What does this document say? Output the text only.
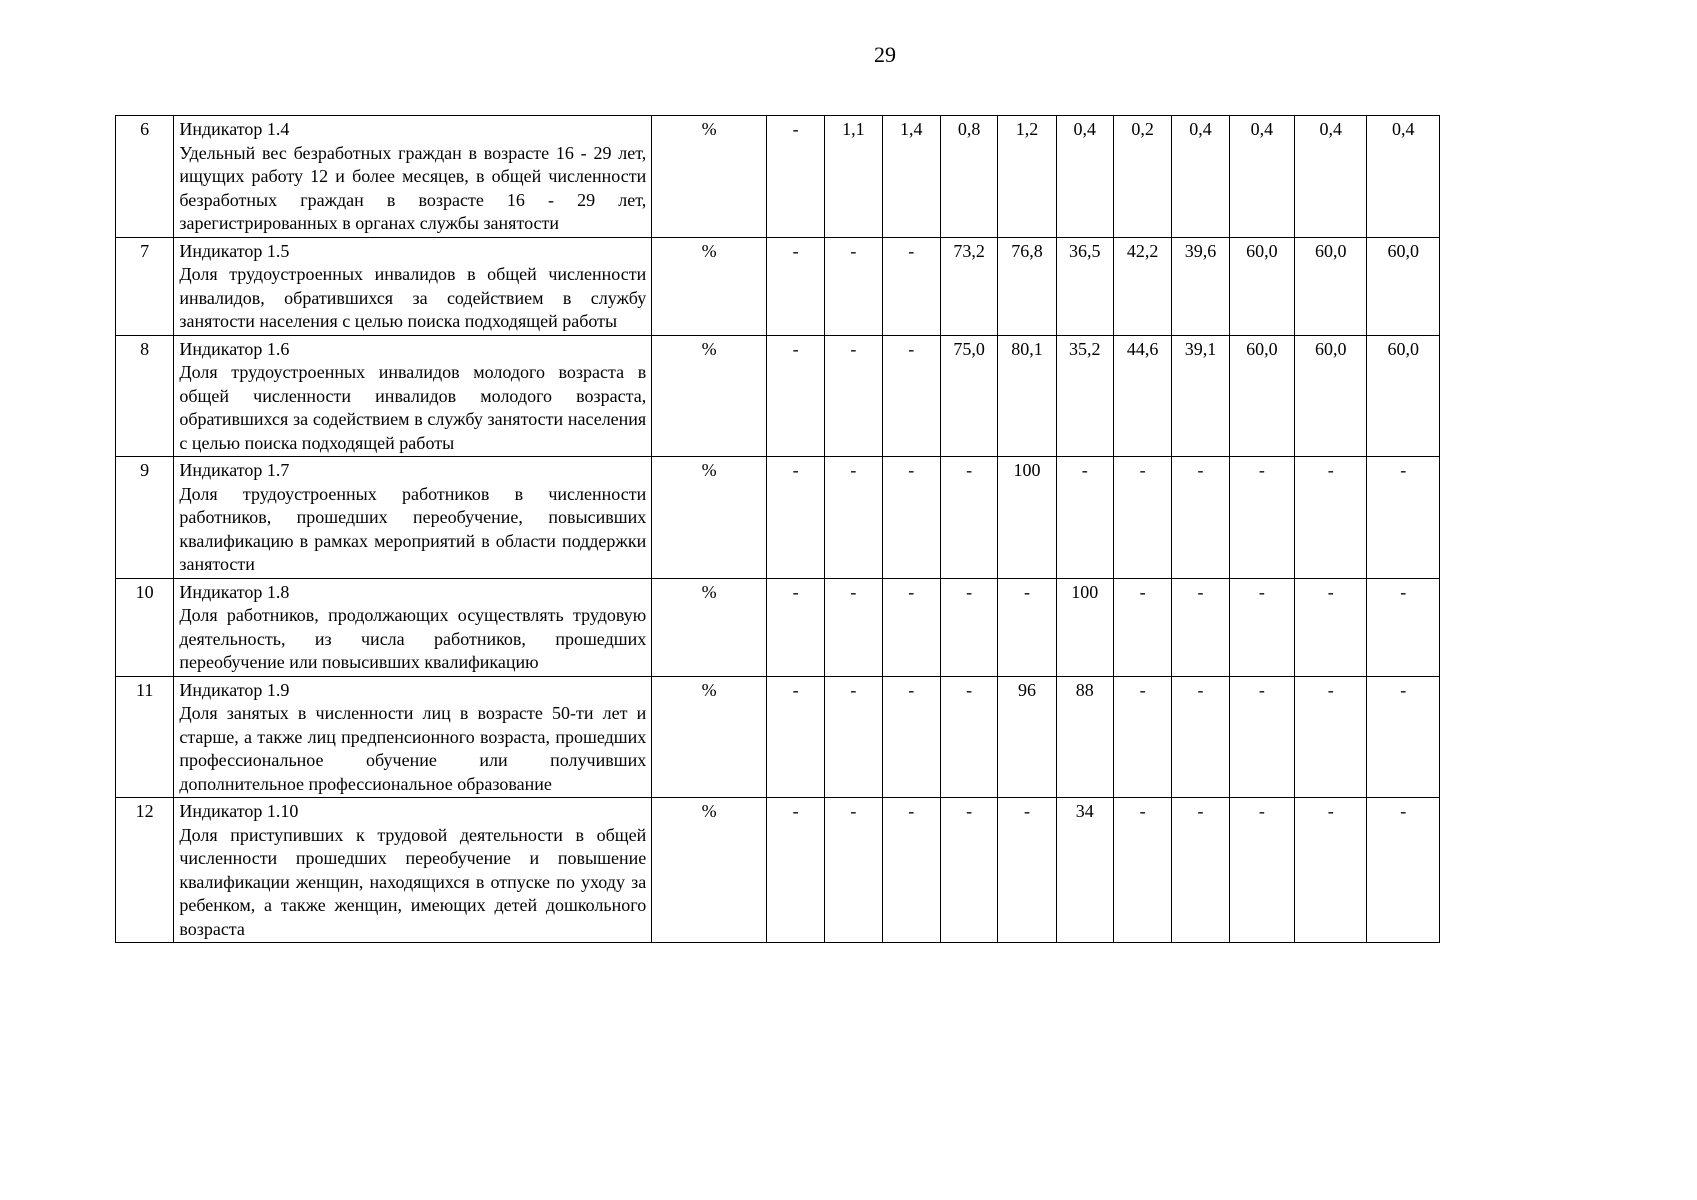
29
6	Индикатор 1.4
Удельный вес безработных граждан в возрасте 16 - 29 лет, ищущих работу 12 и более месяцев, в общей численности безработных граждан в возрасте 16 - 29 лет, зарегистрированных в органах службы занятости	%	-	1,1	1,4	0,8	1,2	0,4	0,2	0,4	0,4	0,4	0,4
7	Индикатор 1.5
Доля трудоустроенных инвалидов в общей численности инвалидов, обратившихся за содействием в службу занятости населения с целью поиска подходящей работы	%	-	-	-	73,2	76,8	36,5	42,2	39,6	60,0	60,0	60,0
8	Индикатор 1.6
Доля трудоустроенных инвалидов молодого возраста в общей численности инвалидов молодого возраста, обратившихся за содействием в службу занятости населения с целью поиска подходящей работы	%	-	-	-	75,0	80,1	35,2	44,6	39,1	60,0	60,0	60,0
9	Индикатор 1.7
Доля трудоустроенных работников в численности работников, прошедших переобучение, повысивших квалификацию в рамках мероприятий в области поддержки занятости	%	-	-	-	-	100	-	-	-	-	-	-
10	Индикатор 1.8
Доля работников, продолжающих осуществлять трудовую деятельность, из числа работников, прошедших переобучение или повысивших квалификацию	%	-	-	-	-	-	100	-	-	-	-	-
11	Индикатор 1.9
Доля занятых в численности лиц в возрасте 50-ти лет и старше, а также лиц предпенсионного возраста, прошедших профессиональное обучение или получивших дополнительное профессиональное образование	%	-	-	-	-	96	88	-	-	-	-	-
12	Индикатор 1.10
Доля приступивших к трудовой деятельности в общей численности прошедших переобучение и повышение квалификации женщин, находящихся в отпуске по уходу за ребенком, а также женщин, имеющих детей дошкольного возраста	%	-	-	-	-	-	34	-	-	-	-	-
